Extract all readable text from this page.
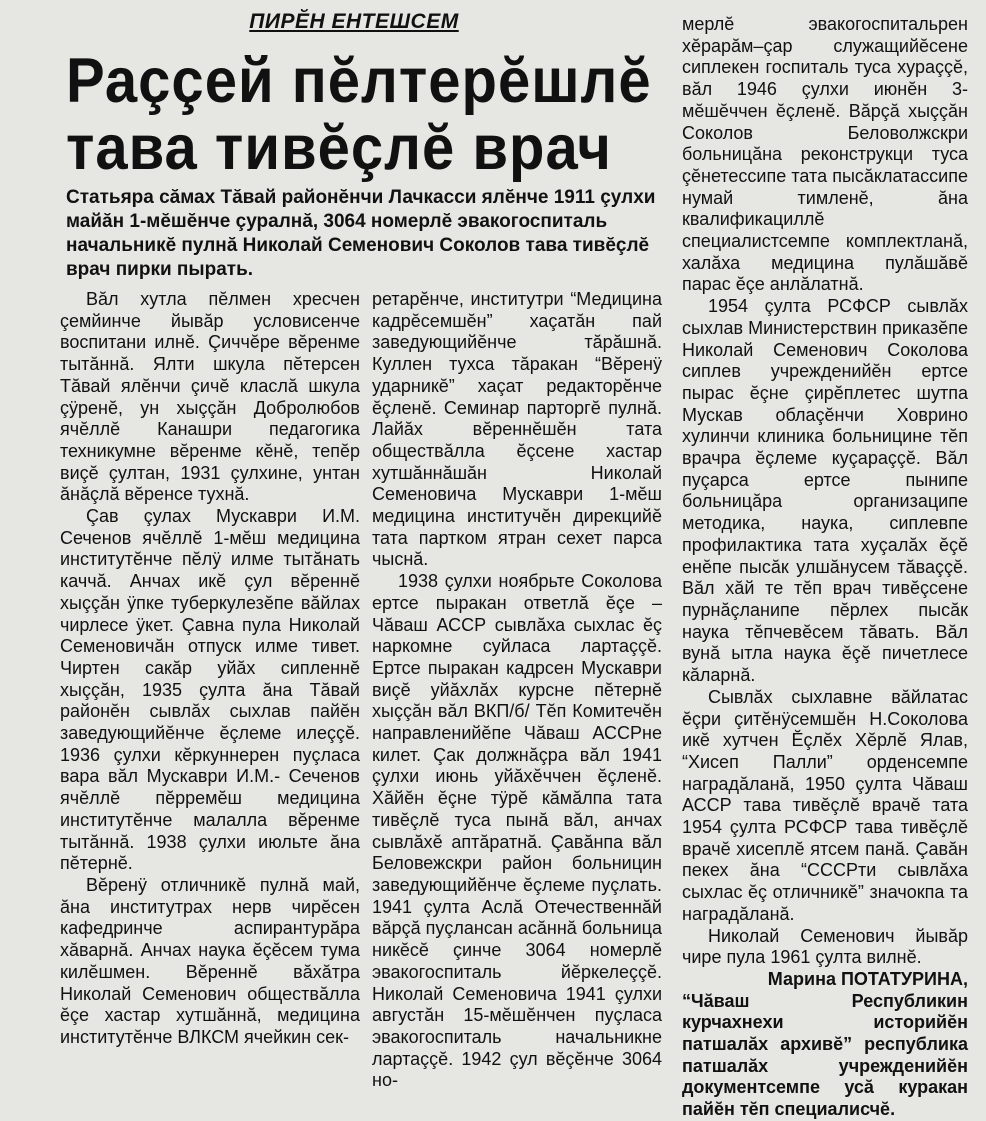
ПИРĔН ЕНТЕШСЕМ
Раççей пĕлтерĕшлĕ
тава тивĕçлĕ врач
Статьяра сăмах Тăвай районĕнчи Лачкасси ялĕнче 1911 çулхи майăн 1-мĕшĕнче çуралнă, 3064 номерлĕ эвакогоспиталь начальникĕ пулнă Николай Семенович Соколов тава тивĕçлĕ врач пирки пырать.

Вăл хутла пĕлмен хресчен çемйинче йывăр условисенче воспитани илнĕ. Çиччĕре вĕренме тытăннă. Ялти шкула пĕтерсен Тăвай ялĕнчи çичĕ класлă шкула çÿренĕ, ун хыççăн Добролюбов ячĕллĕ Канашри педагогика техникумне вĕренме кĕнĕ, тепĕр виçĕ çултан, 1931 çулхине, унтан ăнăçлă вĕренсе тухнă.

Çав çулах Мускаври И.М. Сеченов ячĕллĕ 1-мĕш медицина институтĕнче пĕлÿ илме тытăнать каччă. Анчах икĕ çул вĕреннĕ хыççăн ÿпке туберкулезĕпе вăйлах чирлесе ÿкет. Çавна пула Николай Семеновичăн отпуск илме тивет. Чиртен сакăр уйăх сипленнĕ хыççăн, 1935 çулта ăна Тăвай районĕн сывлăх сыхлав пайĕн заведующийĕнче ĕçлеме илеççĕ. 1936 çулхи кĕркуннерен пуçласа вара вăл Мускаври И.М.- Сеченов ячĕллĕ пĕрремĕш медицина институтĕнче малалла вĕренме тытăннă. 1938 çулхи июльте ăна пĕтернĕ.

Вĕренÿ отличникĕ пулнă май, ăна институтрах нерв чирĕсен кафедринче аспирантурăра хăварнă. Анчах наука ĕçĕсем тума килĕшмен. Вĕреннĕ вăхăтра Николай Семенович обществăлла ĕçе хастар хутшăннă, медицина институтĕнче ВЛКСМ ячейкин сек-

ретарĕнче, институтри “Медицина кадрĕсемшĕн” хаçатăн пай заведующийĕнче тăрăшнă. Куллен тухса тăракан “Вĕренÿ ударникĕ” хаçат редакторĕнче ĕçленĕ. Семинар парторгĕ пулнă. Лайăх вĕреннĕшĕн тата обществăлла ĕçсене хастар хутшăннăшăн Николай Семеновича Мускаври 1-мĕш медицина институчĕн дирекцийĕ тата партком ятран сехет парса чыснă.

1938 çулхи ноябрьте Соколова ертсе пыракан ответлă ĕçе – Чăваш АССР сывлăха сыхлас ĕç наркомне суйласа лартаççĕ. Ертсе пыракан кадрсен Мускаври виçĕ уйăхлăх курсне пĕтернĕ хыççăн вăл ВКП/б/ Тĕп Комитечĕн направленийĕпе Чăваш АССРне килет. Çак должнăçра вăл 1941 çулхи июнь уйăхĕччен ĕçленĕ. Хăйĕн ĕçне тÿрĕ кăмăлпа тата тивĕçлĕ туса пынă вăл, анчах сывлăхĕ аптăратнă. Çавăнпа вăл Беловежскри район больницин заведующийĕнче ĕçлеме пуçлать. 1941 çулта Аслă Отечественнăй вăрçă пуçлансан асăннă больница никĕсĕ çинче 3064 номерлĕ эвакогоспиталь йĕркелеççĕ. Николай Семеновича 1941 çулхи августăн 15-мĕшĕнчен пуçласа эвакогоспиталь начальникне лартаççĕ. 1942 çул вĕçĕнче 3064 но-

мерлĕ эвакогоспитальрен хĕрарăм–çар служащийĕсене сиплекен госпиталь туса хураççĕ, вăл 1946 çулхи июнĕн 3-мĕшĕччен ĕçленĕ. Вăрçă хыççăн Соколов Беловолжскри больницăна реконструкци туса çĕнетессипе тата пысăклатассипе нумай тимленĕ, ăна квалификациллĕ специалистсемпе комплектланă, халăха медицина пулăшăвĕ парас ĕçе анлăлатнă.

1954 çулта РСФСР сывлăх сыхлав Министерствин приказĕпе Николай Семенович Соколова сиплев учрежденийĕн ертсе пырас ĕçне çирĕплетес шутпа Мускав облаçĕнчи Ховрино хулинчи клиника больницине тĕп врачра ĕçлеме куçараççĕ. Вăл пуçарса ертсе пынипе больницăра организаципе методика, наука, сиплевпе профилактика тата хуçалăх ĕçĕ енĕпе пысăк улшăнусем тăваççĕ. Вăл хăй те тĕп врач тивĕçсене пурнăçланипе пĕрлех пысăк наука тĕпчевĕсем тăвать. Вăл вунă ытла наука ĕçĕ пичетлесе кăларнă.

Сывлăх сыхлавне вăйлатас ĕçри çитĕнÿсемшĕн Н.Соколова икĕ хутчен Ĕçлĕх Хĕрлĕ Ялав, “Хисеп Палли” орденсемпе наградăланă, 1950 çулта Чăваш АССР тава тивĕçлĕ врачĕ тата 1954 çулта РСФСР тава тивĕçлĕ врачĕ хисеплĕ ятсем панă. Çавăн пекех ăна “СССРти сывлăха сыхлас ĕç отличникĕ” значокпа та наградăланă.

Николай Семенович йывăр чире пула 1961 çулта вилнĕ.

Марина ПОТАТУРИНА,

“Чăваш Республикин курчахнехи историйĕн патшалăх архивĕ” республика патшалăх учрежденийĕн документсемпе усă куракан пайĕн тĕп специалисчĕ.
